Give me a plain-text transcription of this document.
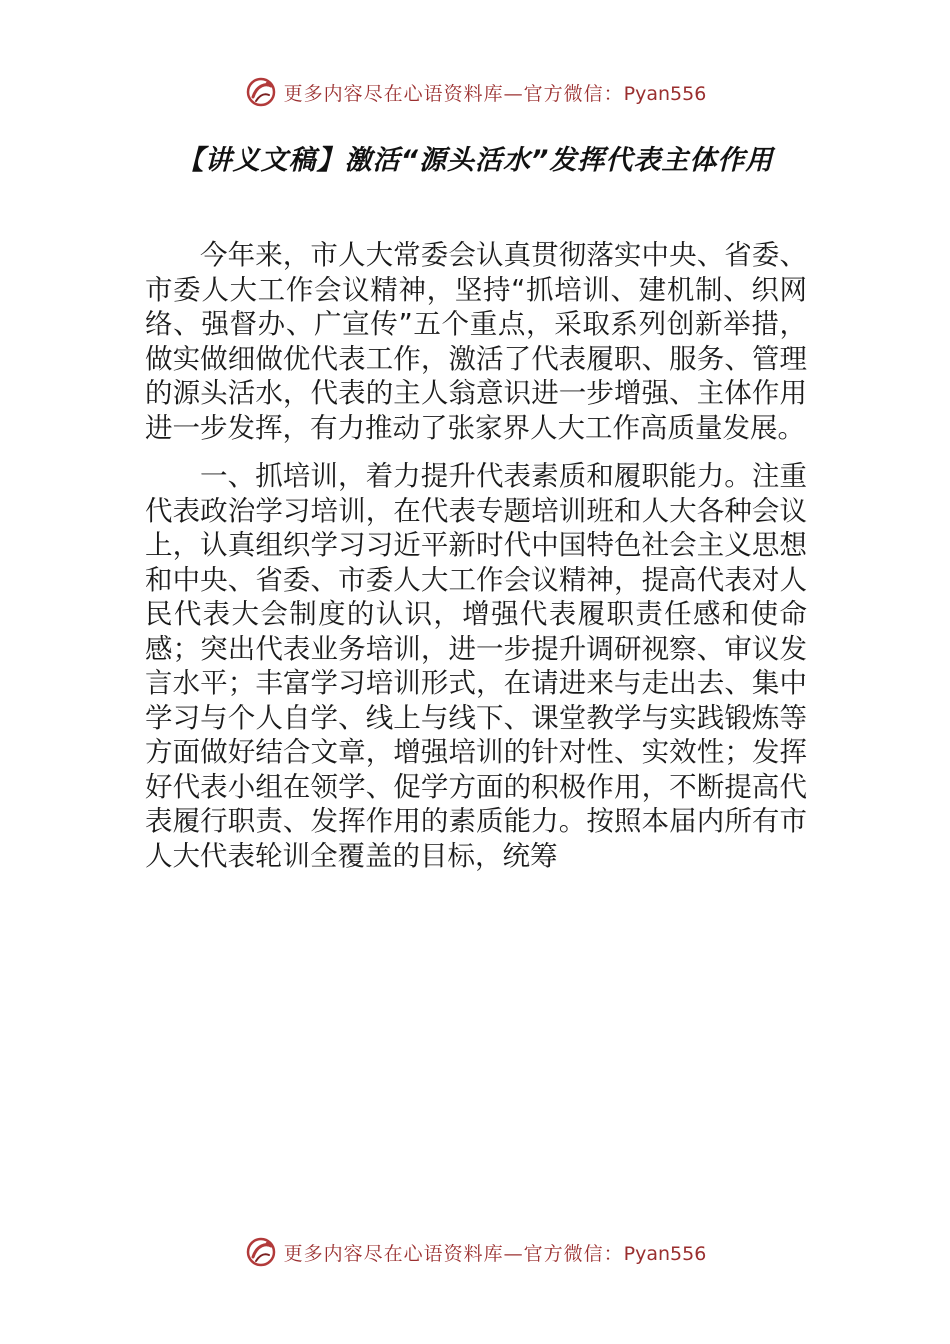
更多内容尽在心语资料库—官方微信：Pyan556
【讲义文稿】激活“源头活水”发挥代表主体作用

今年来，市人大常委会认真贯彻落实中央、省委、市委人大工作会议精神，坚持“抓培训、建机制、织网络、强督办、广宣传”五个重点，采取系列创新举措，做实做细做优代表工作，激活了代表履职、服务、管理的源头活水，代表的主人翁意识进一步增强、主体作用进一步发挥，有力推动了张家界人大工作高质量发展。

一、抓培训，着力提升代表素质和履职能力。注重代表政治学习培训，在代表专题培训班和人大各种会议上，认真组织学习习近平新时代中国特色社会主义思想和中央、省委、市委人大工作会议精神，提高代表对人民代表大会制度的认识，增强代表履职责任感和使命感；突出代表业务培训，进一步提升调研视察、审议发言水平；丰富学习培训形式，在请进来与走出去、集中学习与个人自学、线上与线下、课堂教学与实践锻炼等方面做好结合文章，增强培训的针对性、实效性；发挥好代表小组在领学、促学方面的积极作用，不断提高代表履行职责、发挥作用的素质能力。按照本届内所有市人大代表轮训全覆盖的目标，统筹

更多内容尽在心语资料库—官方微信：Pyan556
